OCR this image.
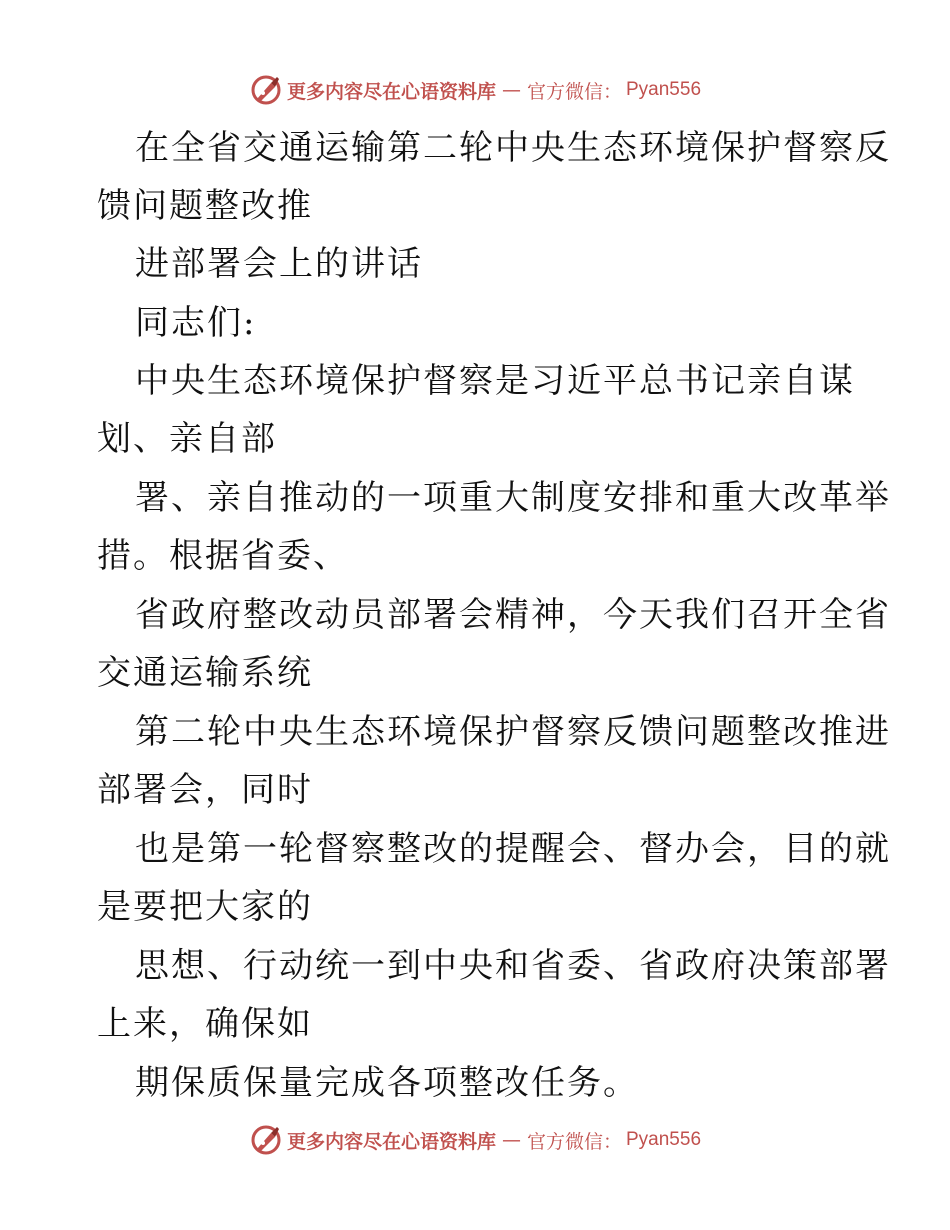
更多内容尽在心语资料库 — 官方微信： Pyan556
在全省交通运输第二轮中央生态环境保护督察反
馈问题整改推
进部署会上的讲话
同志们:
中央生态环境保护督察是习近平总书记亲自谋
划、亲自部
署、亲自推动的一项重大制度安排和重大改革举
措。根据省委、
省政府整改动员部署会精神，今天我们召开全省
交通运输系统
第二轮中央生态环境保护督察反馈问题整改推进
部署会，同时
也是第一轮督察整改的提醒会、督办会，目的就
是要把大家的
思想、行动统一到中央和省委、省政府决策部署
上来，确保如
期保质保量完成各项整改任务。
更多内容尽在心语资料库 — 官方微信： Pyan556
